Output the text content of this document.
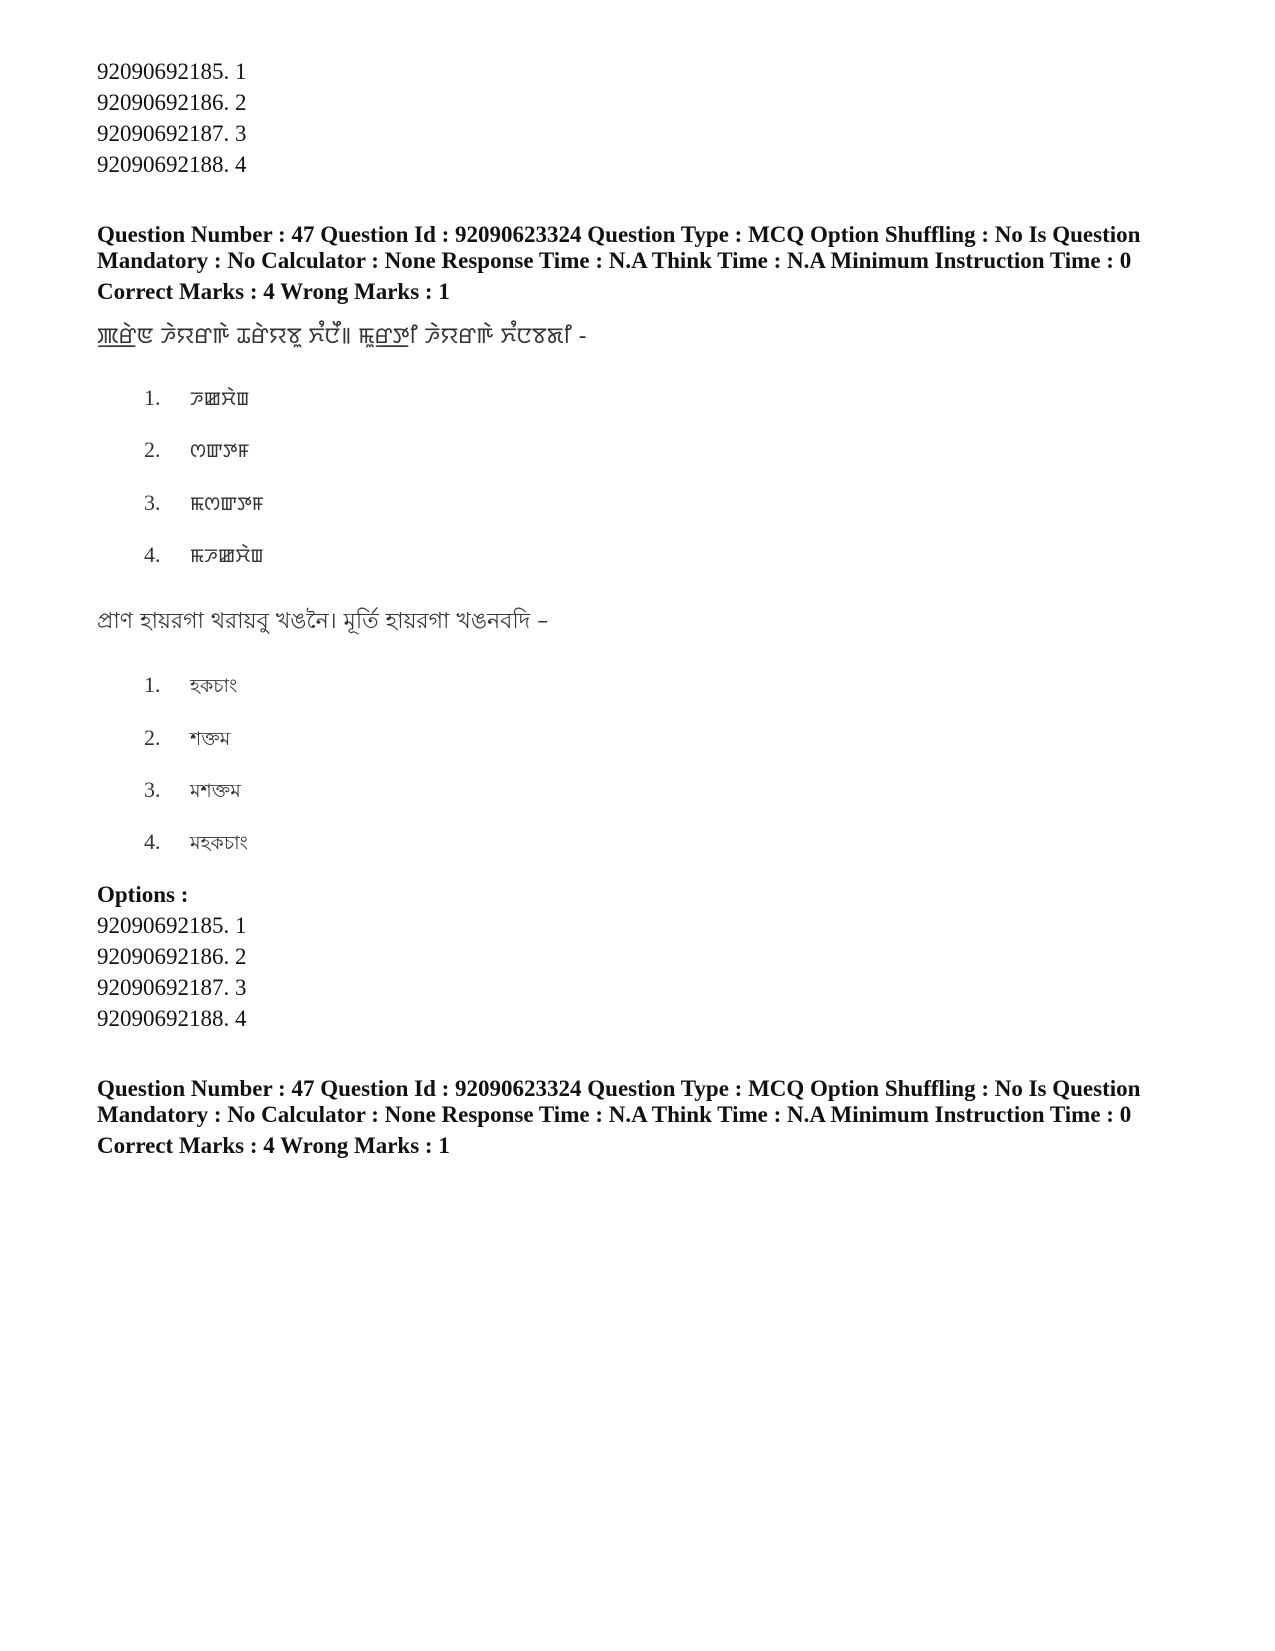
92090692185. 1
92090692186. 2
92090692187. 3
92090692188. 4
Question Number : 47 Question Id : 92090623324 Question Type : MCQ Option Shuffling : No Is Question
Mandatory : No Calculator : None Response Time : N.A Think Time : N.A Minimum Instruction Time : 0
Correct Marks : 4 Wrong Marks : 1
ꯄ꯭ꯔꯥꯟ ꯍꯥꯌꯔꯒꯥ ꯊꯔꯥꯌꯕꯨ ꯈꯪꯅꯩ꯫ ꯃꯨꯔ꯭ꯇꯤ ꯍꯥꯌꯔꯒꯥ ꯈꯪꯅꯕꯗꯤ -
1. ꯍꯀꯆꯥꯡ
2. ꯁꯛꯇꯝ
3. ꯃꯁꯛꯇꯝ
4. ꯃꯍꯀꯆꯥꯡ
প্রাণ হায়রগা থরায়বু খঙনৈ। মূর্তি হায়রগা খঙনবদি –
1. হকচাং
2. শক্তম
3. মশক্তম
4. মহকচাং
Options :
92090692185. 1
92090692186. 2
92090692187. 3
92090692188. 4
Question Number : 47 Question Id : 92090623324 Question Type : MCQ Option Shuffling : No Is Question
Mandatory : No Calculator : None Response Time : N.A Think Time : N.A Minimum Instruction Time : 0
Correct Marks : 4 Wrong Marks : 1
